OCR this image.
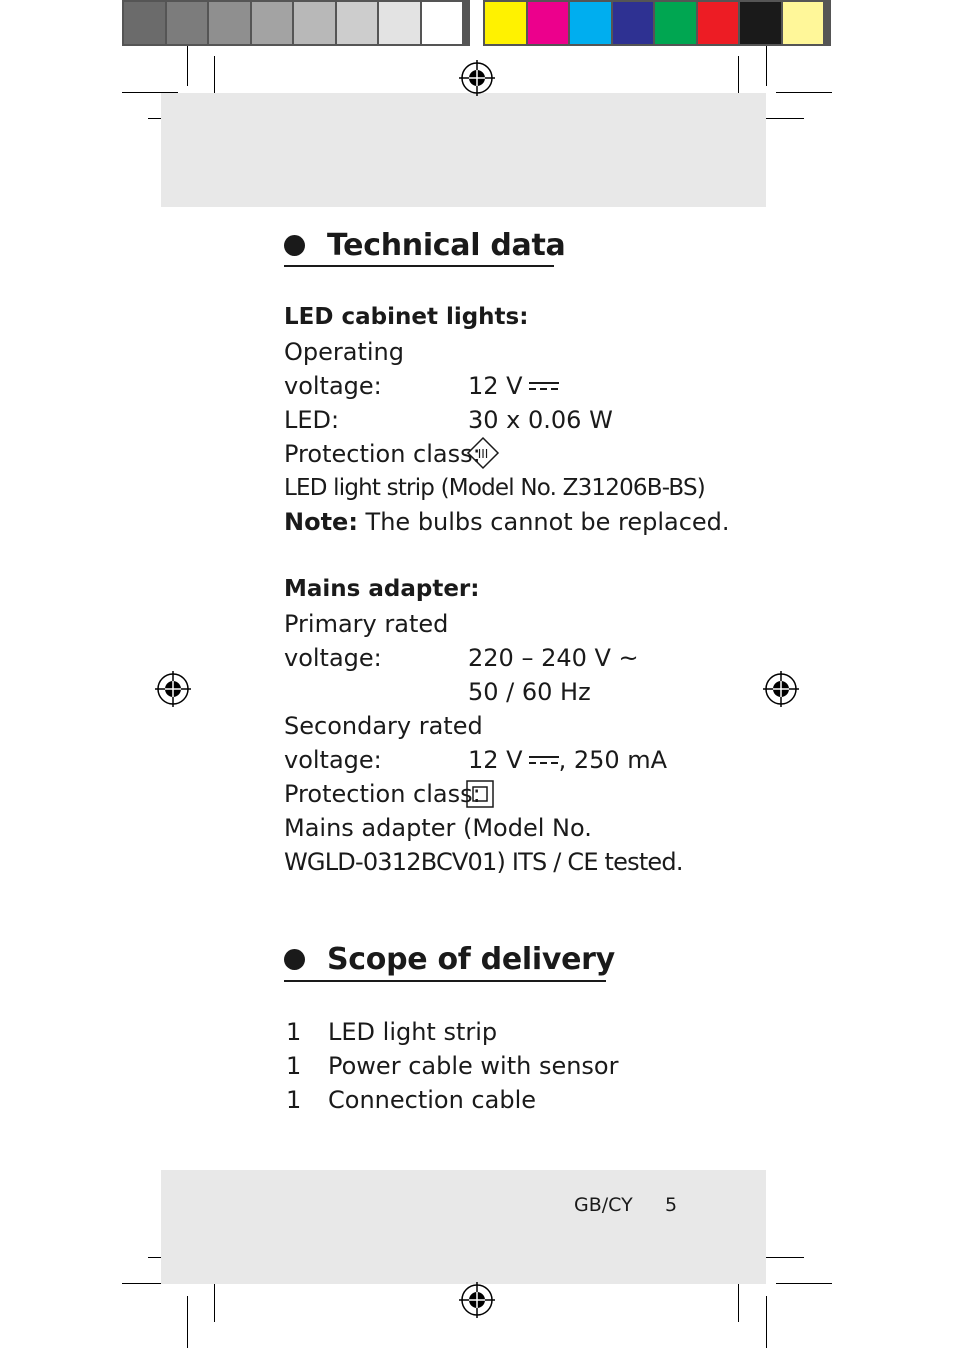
Technical data
LED cabinet lights:
Operating
voltage:	12 V
LED:	30 x 0.06 W
Protection class:
III
LED light strip (Model No. Z31206B-BS)
Note: The bulbs cannot be replaced.
Mains adapter:
Primary rated
voltage:	220 – 240 V ~
50 / 60 Hz
Secondary rated
voltage:	12 V , 250 mA
Protection class:
Mains adapter (Model No.
WGLD-0312BCV01) ITS / CE tested.
Scope of delivery
1 LED light strip
1 Power cable with sensor
1 Connection cable
GB/CY 5
